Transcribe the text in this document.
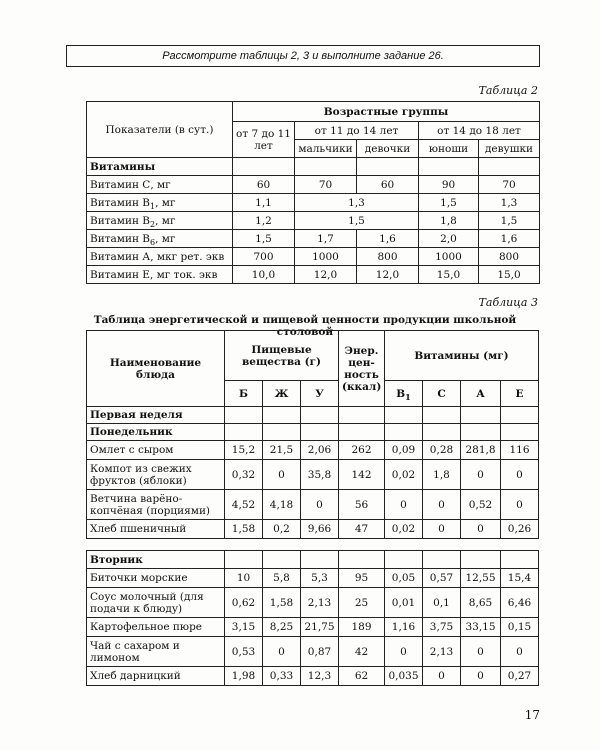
Рассмотрите таблицы 2, 3 и выполните задание 26.
Таблица 2
Показатели (в сут.)	Возрастные группы				
	от 7 до 11 лет	от 11 до 14 лет		от 14 до 18 лет	
		мальчики	девочки	юноши	девушки
Витамины					
Витамин С, мг	60	70	60	90	70
Витамин $B_1$, мг	1,1	1,3		1,5	1,3
Витамин $B_2$, мг	1,2	1,5		1,8	1,5
Витамин $B_6$, мг	1,5	1,7	1,6	2,0	1,6
Витамин А, мкг рет. экв	700	1000	800	1000	800
Витамин Е, мг ток. экв	10,0	12,0	12,0	15,0	15,0
Таблица 3
Таблица энергетической и пищевой ценности продукции школьной столовой
Наименование блюда	Пищевые вещества (г)			Энер. цен- ность (ккал)	Витамины (мг)			
	Б	Ж	У		$B_1$	С	А	Е
Первая неделя								
Понедельник								
Омлет с сыром	15,2	21,5	2,06	262	0,09	0,28	281,8	116
Компот из свежих фруктов (яблоки)	0,32	0	35,8	142	0,02	1,8	0	0
Ветчина варёно- копчёная (порциями)	4,52	4,18	0	56	0	0	0,52	0
Хлеб пшеничный	1,58	0,2	9,66	47	0,02	0	0	0,26

Вторник								
Биточки морские	10	5,8	5,3	95	0,05	0,57	12,55	15,4
Соус молочный (для подачи к блюду)	0,62	1,58	2,13	25	0,01	0,1	8,65	6,46
Картофельное пюре	3,15	8,25	21,75	189	1,16	3,75	33,15	0,15
Чай с сахаром и лимоном	0,53	0	0,87	42	0	2,13	0	0
Хлеб дарницкий	1,98	0,33	12,3	62	0,035	0	0	0,27
17
